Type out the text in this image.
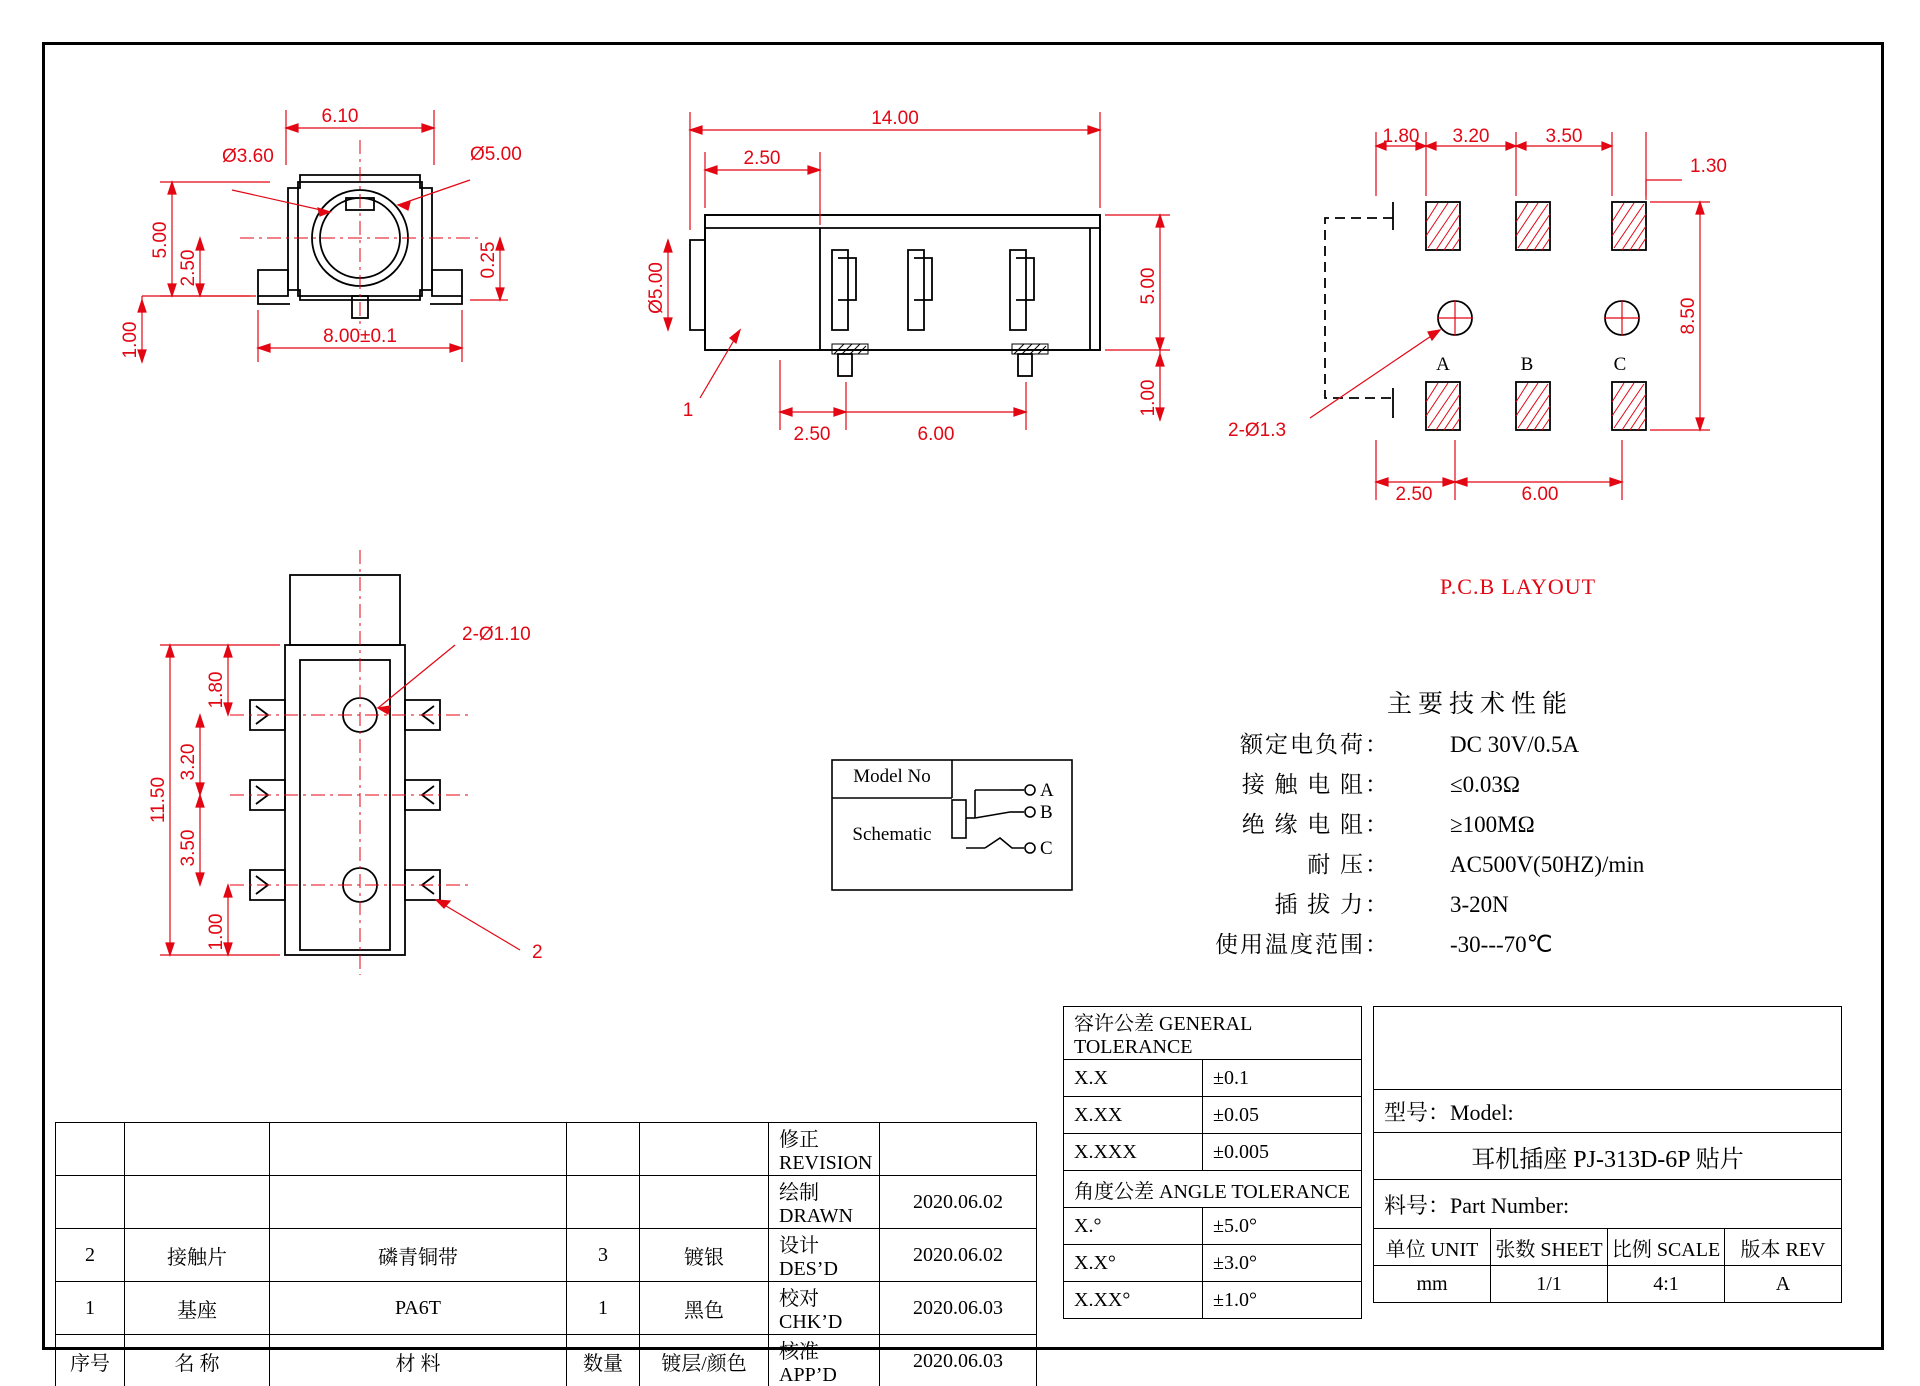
6.10
Ø3.60	Ø5.00
5.00
2.50	0.25
1.00	8.00±0.1
14.00
2.50
Ø5.00	5.00
1.00
2.50	6.00
1
1.80 3.20	3.50
1.30
8.50
2.50	6.00
2-Ø1.3
A	B	C
P.C.B LAYOUT
2-Ø1.10
1.80
3.20
3.50
1.00
11.50
2
Model No
Schematic
A
B
C
主要技术性能
额定电负荷：	DC 30V/0.5A
接 触 电 阻：	≤0.03Ω
绝 缘 电 阻：	≥100MΩ
耐 压：	AC500V(50HZ)/min
插 拔 力：	3-20N
使用温度范围：	-30---70℃
					修正 REVISION	
					绘制 DRAWN	2020.06.02
2	接触片	磷青铜带	3	镀银	设计 DES’D	2020.06.02
1	基座	PA6T	1	黑色	校对 CHK’D	2020.06.03
序号	名 称	材 料	数量	镀层/颜色	核准 APP’D	2020.06.03
容许公差 GENERAL TOLERANCE	
X.X	±0.1
X.XX	±0.05
X.XXX	±0.005
角度公差 ANGLE TOLERANCE	
X.°	±5.0°
X.X°	±3.0°
X.XX°	±1.0°

型号：Model:			
耳机插座 PJ-313D-6P 贴片			
料号：Part Number:			
单位 UNIT	张数 SHEET	比例 SCALE	版本 REV
mm	1/1	4:1	A
